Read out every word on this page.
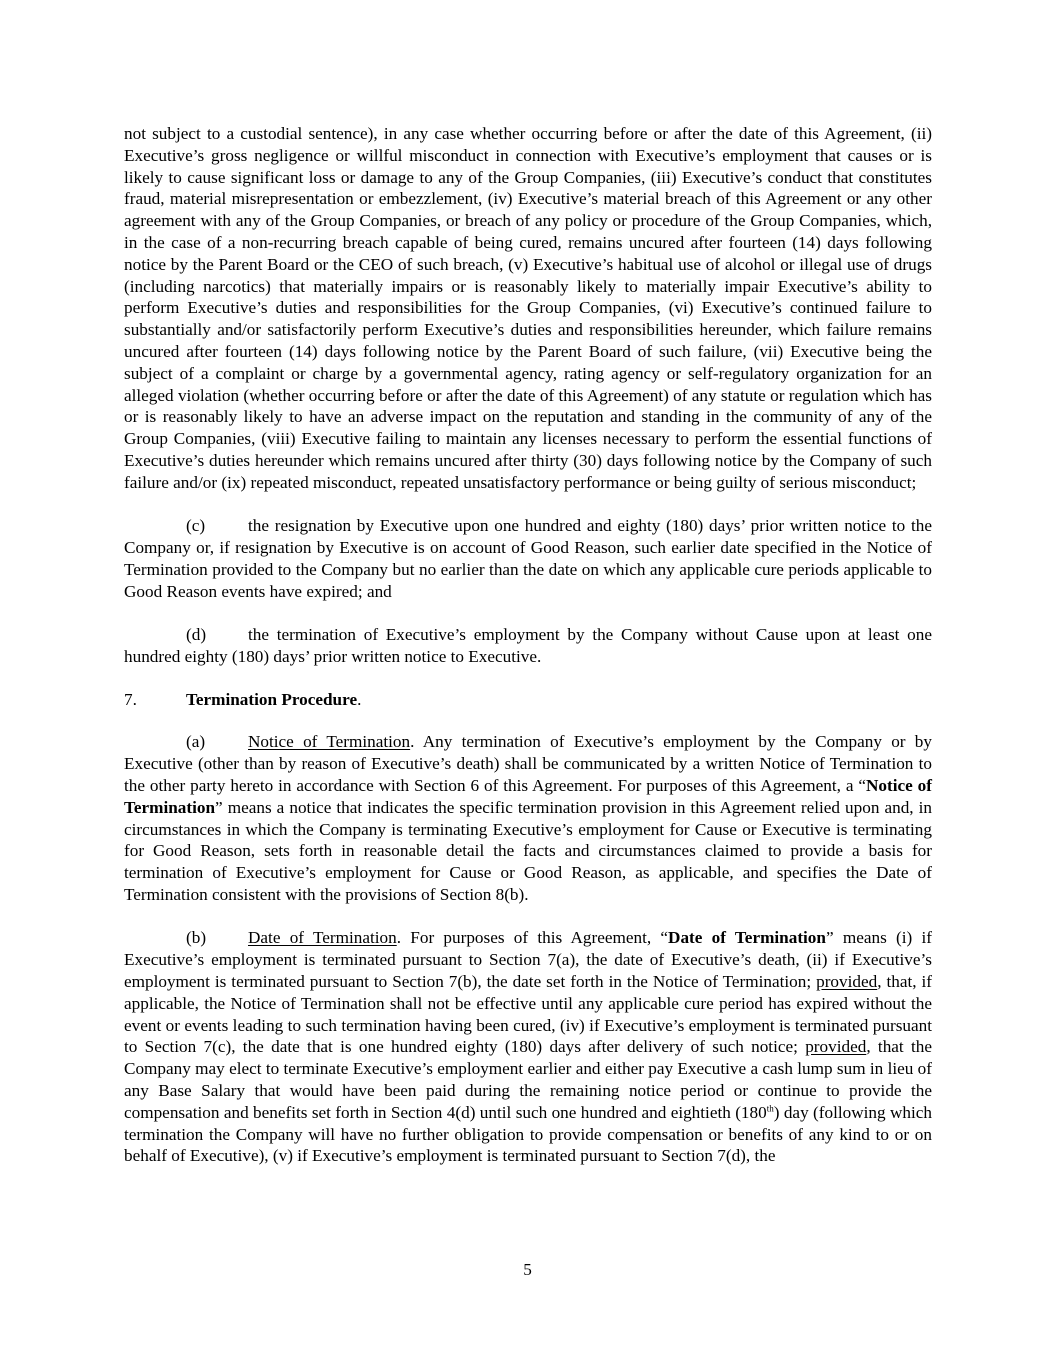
not subject to a custodial sentence), in any case whether occurring before or after the date of this Agreement, (ii) Executive’s gross negligence or willful misconduct in connection with Executive’s employment that causes or is likely to cause significant loss or damage to any of the Group Companies, (iii) Executive’s conduct that constitutes fraud, material misrepresentation or embezzlement, (iv) Executive’s material breach of this Agreement or any other agreement with any of the Group Companies, or breach of any policy or procedure of the Group Companies, which, in the case of a non-recurring breach capable of being cured, remains uncured after fourteen (14) days following notice by the Parent Board or the CEO of such breach, (v) Executive’s habitual use of alcohol or illegal use of drugs (including narcotics) that materially impairs or is reasonably likely to materially impair Executive’s ability to perform Executive’s duties and responsibilities for the Group Companies, (vi) Executive’s continued failure to substantially and/or satisfactorily perform Executive’s duties and responsibilities hereunder, which failure remains uncured after fourteen (14) days following notice by the Parent Board of such failure, (vii) Executive being the subject of a complaint or charge by a governmental agency, rating agency or self-regulatory organization for an alleged violation (whether occurring before or after the date of this Agreement) of any statute or regulation which has or is reasonably likely to have an adverse impact on the reputation and standing in the community of any of the Group Companies, (viii) Executive failing to maintain any licenses necessary to perform the essential functions of Executive’s duties hereunder which remains uncured after thirty (30) days following notice by the Company of such failure and/or (ix) repeated misconduct, repeated unsatisfactory performance or being guilty of serious misconduct;

(c) the resignation by Executive upon one hundred and eighty (180) days’ prior written notice to the Company or, if resignation by Executive is on account of Good Reason, such earlier date specified in the Notice of Termination provided to the Company but no earlier than the date on which any applicable cure periods applicable to Good Reason events have expired; and

(d) the termination of Executive’s employment by the Company without Cause upon at least one hundred eighty (180) days’ prior written notice to Executive.

7.	Termination Procedure.

(a) Notice of Termination. Any termination of Executive’s employment by the Company or by Executive (other than by reason of Executive’s death) shall be communicated by a written Notice of Termination to the other party hereto in accordance with Section 6 of this Agreement. For purposes of this Agreement, a “Notice of Termination” means a notice that indicates the specific termination provision in this Agreement relied upon and, in circumstances in which the Company is terminating Executive’s employment for Cause or Executive is terminating for Good Reason, sets forth in reasonable detail the facts and circumstances claimed to provide a basis for termination of Executive’s employment for Cause or Good Reason, as applicable, and specifies the Date of Termination consistent with the provisions of Section 8(b).

(b) Date of Termination. For purposes of this Agreement, “Date of Termination” means (i) if Executive’s employment is terminated pursuant to Section 7(a), the date of Executive’s death, (ii) if Executive’s employment is terminated pursuant to Section 7(b), the date set forth in the Notice of Termination; provided, that, if applicable, the Notice of Termination shall not be effective until any applicable cure period has expired without the event or events leading to such termination having been cured, (iv) if Executive’s employment is terminated pursuant to Section 7(c), the date that is one hundred eighty (180) days after delivery of such notice; provided, that the Company may elect to terminate Executive’s employment earlier and either pay Executive a cash lump sum in lieu of any Base Salary that would have been paid during the remaining notice period or continue to provide the compensation and benefits set forth in Section 4(d) until such one hundred and eightieth (180th) day (following which termination the Company will have no further obligation to provide compensation or benefits of any kind to or on behalf of Executive), (v) if Executive’s employment is terminated pursuant to Section 7(d), the

5
